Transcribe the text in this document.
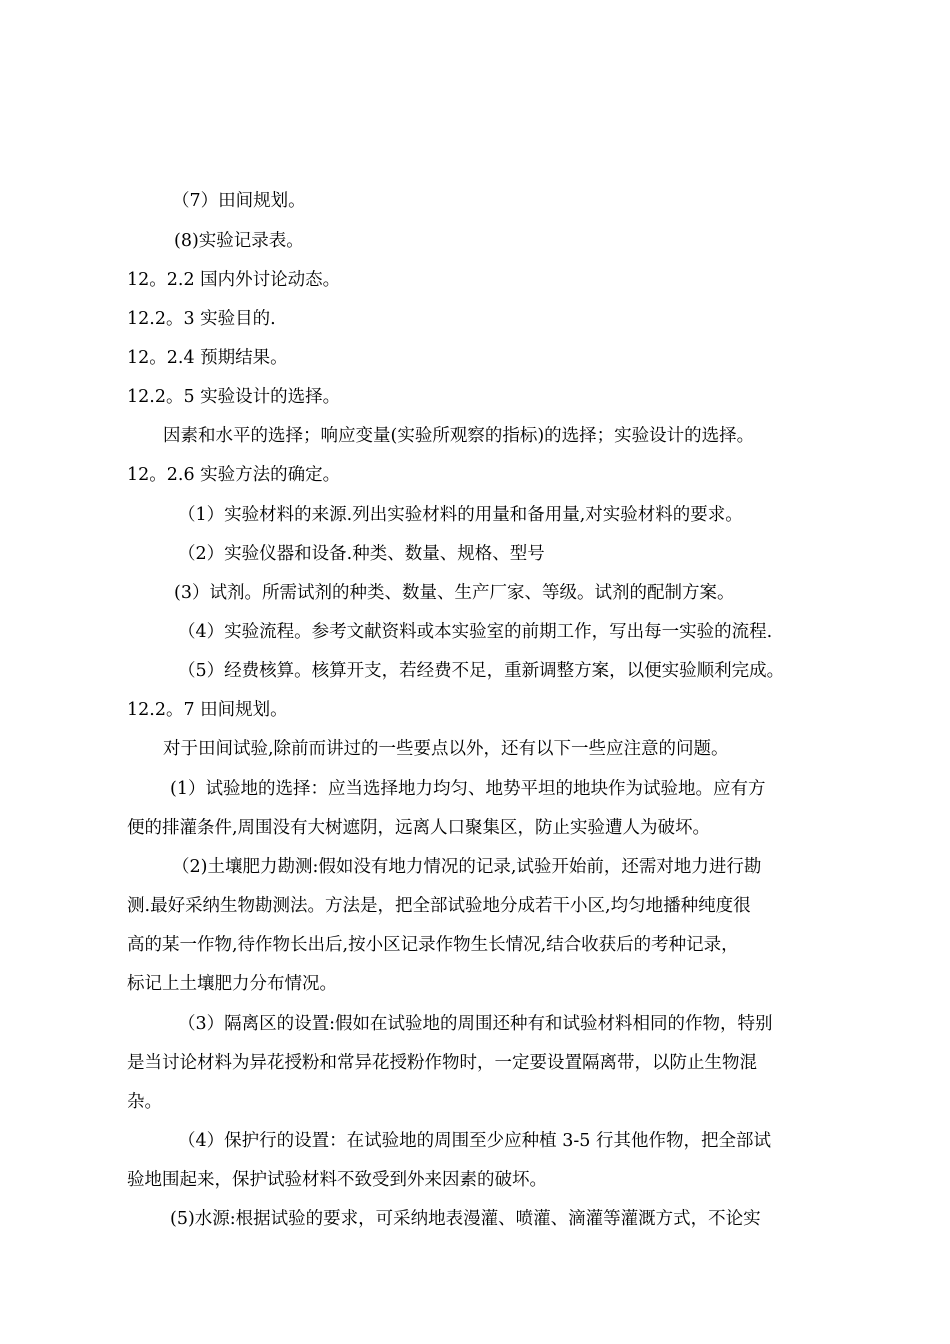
（7）田间规划。
(8)实验记录表。
12。2.2 国内外讨论动态。
12.2。3 实验目的.
12。2.4 预期结果。
12.2。5 实验设计的选择。
因素和水平的选择；响应变量(实验所观察的指标)的选择；实验设计的选择。
12。2.6 实验方法的确定。
（1）实验材料的来源.列出实验材料的用量和备用量,对实验材料的要求。
（2）实验仪器和设备.种类、数量、规格、型号
(3）试剂。所需试剂的种类、数量、生产厂家、等级。试剂的配制方案。
（4）实验流程。参考文献资料或本实验室的前期工作，写出每一实验的流程.
（5）经费核算。核算开支，若经费不足，重新调整方案，以便实验顺利完成。
12.2。7 田间规划。
对于田间试验,除前而讲过的一些要点以外，还有以下一些应注意的问题。
(1）试验地的选择：应当选择地力均匀、地势平坦的地块作为试验地。应有方
便的排灌条件,周围没有大树遮阴，远离人口聚集区，防止实验遭人为破坏。
（2)土壤肥力勘测:假如没有地力情况的记录,试验开始前，还需对地力进行勘
测.最好采纳生物勘测法。方法是，把全部试验地分成若干小区,均匀地播种纯度很
高的某一作物,待作物长出后,按小区记录作物生长情况,结合收获后的考种记录，
标记上土壤肥力分布情况。
（3）隔离区的设置:假如在试验地的周围还种有和试验材料相同的作物，特别
是当讨论材料为异花授粉和常异花授粉作物时，一定要设置隔离带，以防止生物混
杂。
（4）保护行的设置：在试验地的周围至少应种植 3-5 行其他作物，把全部试
验地围起来，保护试验材料不致受到外来因素的破坏。
(5)水源:根据试验的要求，可采纳地表漫灌、喷灌、滴灌等灌溉方式，不论实
